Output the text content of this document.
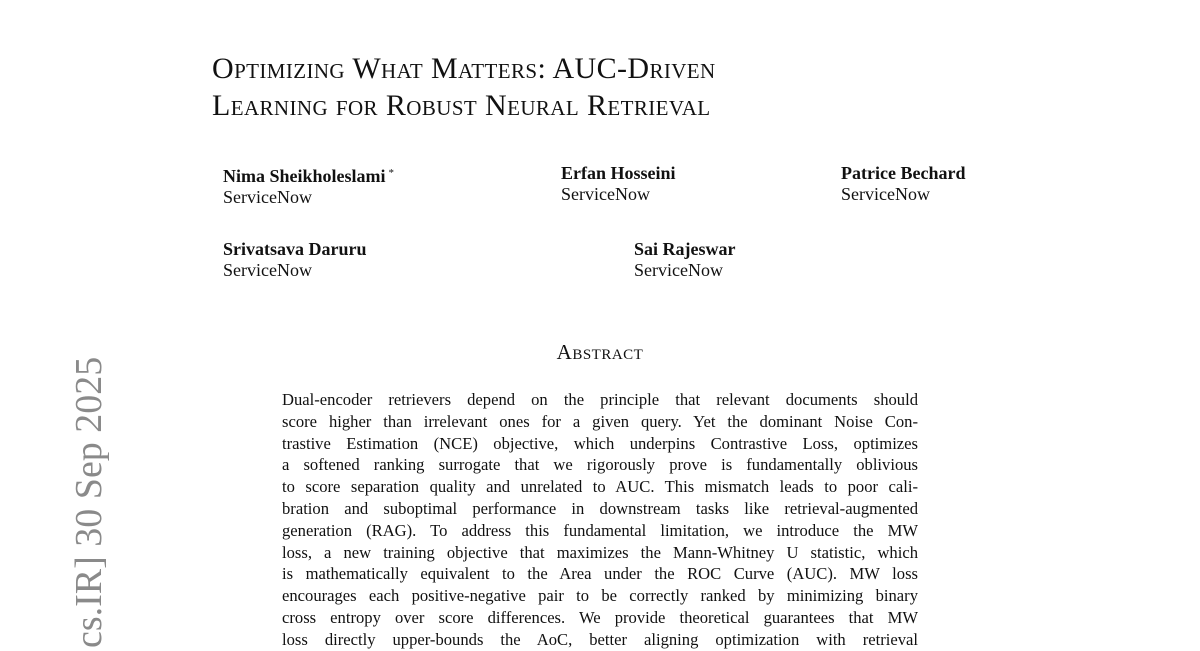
cs.IR] 30 Sep 2025
Optimizing What Matters: AUC-Driven
Learning for Robust Neural Retrieval
Nima Sheikholeslami *
ServiceNow
Erfan Hosseini
ServiceNow
Patrice Bechard
ServiceNow
Srivatsava Daruru
ServiceNow
Sai Rajeswar
ServiceNow
Abstract
Dual-encoder retrievers depend on the principle that relevant documents should
score higher than irrelevant ones for a given query. Yet the dominant Noise Con-
trastive Estimation (NCE) objective, which underpins Contrastive Loss, optimizes
a softened ranking surrogate that we rigorously prove is fundamentally oblivious
to score separation quality and unrelated to AUC. This mismatch leads to poor cali-
bration and suboptimal performance in downstream tasks like retrieval-augmented
generation (RAG). To address this fundamental limitation, we introduce the MW
loss, a new training objective that maximizes the Mann-Whitney U statistic, which
is mathematically equivalent to the Area under the ROC Curve (AUC). MW loss
encourages each positive-negative pair to be correctly ranked by minimizing binary
cross entropy over score differences. We provide theoretical guarantees that MW
loss directly upper-bounds the AoC, better aligning optimization with retrieval
